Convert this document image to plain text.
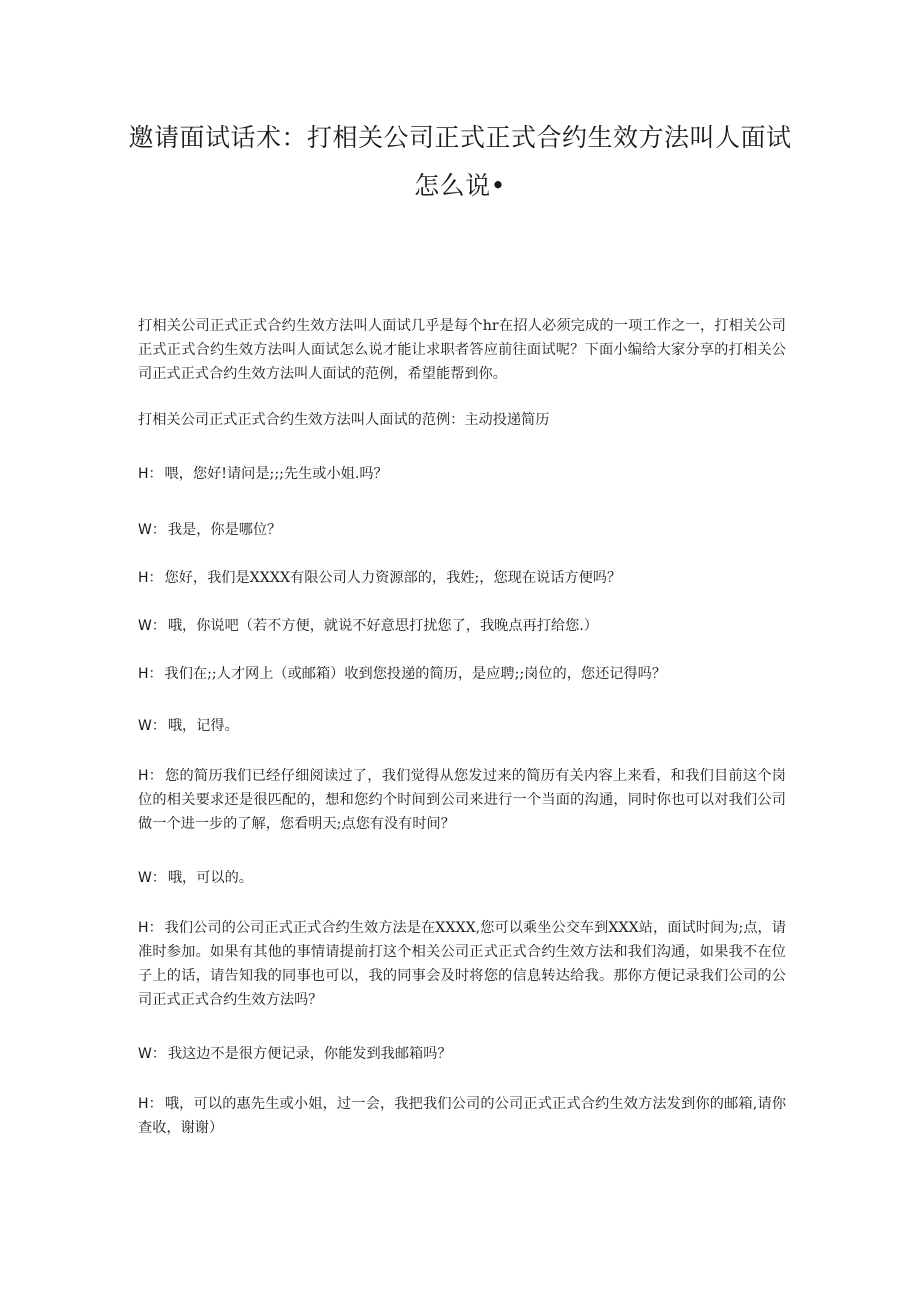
邀请面试话术：打相关公司正式正式合约生效方法叫人面试
怎么说•

打相关公司正式正式合约生效方法叫人面试几乎是每个hr在招人必须完成的一项工作之一，打相关公司正式正式合约生效方法叫人面试怎么说才能让求职者答应前往面试呢？下面小编给大家分享的打相关公司正式正式合约生效方法叫人面试的范例，希望能帮到你。

打相关公司正式正式合约生效方法叫人面试的范例：主动投递简历

H： 喂，您好!请问是;;;先生或小姐.吗？

W： 我是，你是哪位？

H： 您好，我们是XXXX有限公司人力资源部的，我姓;，您现在说话方便吗？

W： 哦，你说吧（若不方便，就说不好意思打扰您了，我晚点再打给您.）

H： 我们在;;人才网上（或邮箱）收到您投递的简历，是应聘;;岗位的，您还记得吗？

W： 哦，记得。

H： 您的简历我们已经仔细阅读过了，我们觉得从您发过来的简历有关内容上来看，和我们目前这个岗位的相关要求还是很匹配的，想和您约个时间到公司来进行一个当面的沟通，同时你也可以对我们公司做一个进一步的了解，您看明天;点您有没有时间？

W： 哦，可以的。

H： 我们公司的公司正式正式合约生效方法是在XXXX,您可以乘坐公交车到XXX站，面试时间为;点，请准时参加。如果有其他的事情请提前打这个相关公司正式正式合约生效方法和我们沟通，如果我不在位子上的话，请告知我的同事也可以，我的同事会及时将您的信息转达给我。那你方便记录我们公司的公司正式正式合约生效方法吗？

W： 我这边不是很方便记录，你能发到我邮箱吗？

H： 哦，可以的惠先生或小姐，过一会，我把我们公司的公司正式正式合约生效方法发到你的邮箱,请你查收，谢谢）
